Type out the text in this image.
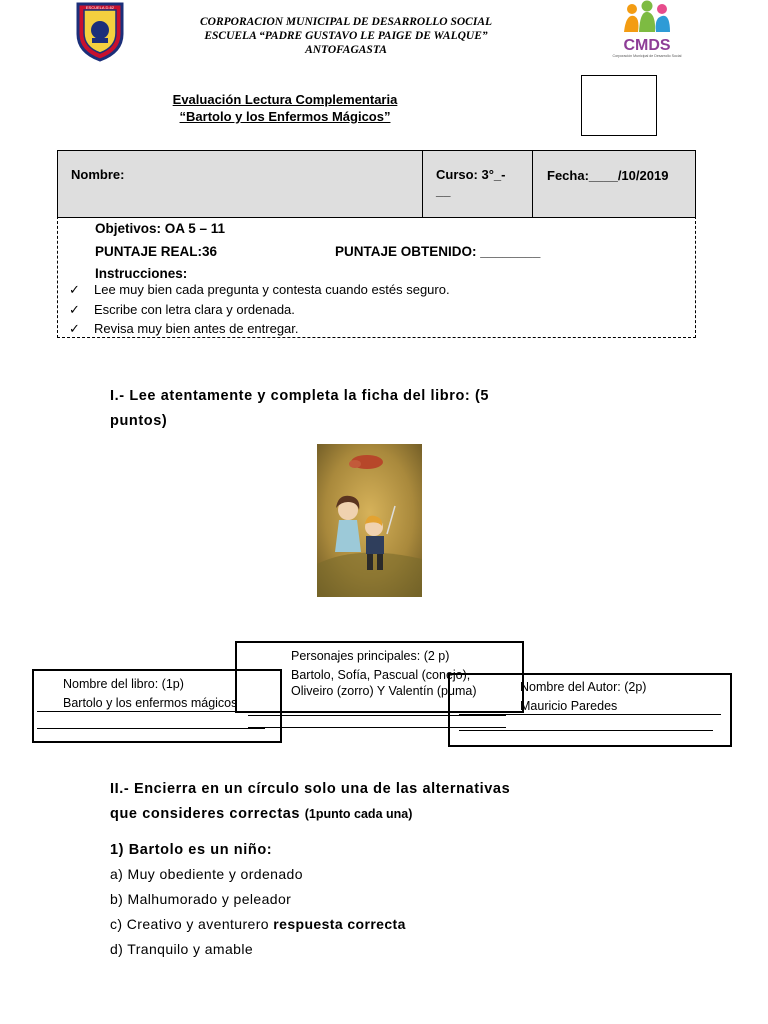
ESCUELA D-62
CORPORACION MUNICIPAL DE DESARROLLO SOCIAL
ESCUELA “PADRE GUSTAVO LE PAIGE DE WALQUE”
ANTOFAGASTA	CMDS
Corporación Municipal de Desarrollo Social
Evaluación Lectura Complementaria
“Bartolo y los Enfermos Mágicos”
Nombre:	Curso: 3°_-
__
Fecha:____/10/2019
Objetivos: OA 5 – 11
PUNTAJE REAL:36	PUNTAJE OBTENIDO: ________
Instrucciones:
✓ Lee muy bien cada pregunta y contesta cuando estés seguro.
✓ Escribe con letra clara y ordenada.
✓ Revisa muy bien antes de entregar.
I.- Lee atentamente y completa la ficha del libro: (5
puntos)
Nombre del libro: (1p)
Bartolo y los enfermos mágicos
Personajes principales: (2 p)
Bartolo, Sofía, Pascual (conejo),
Oliveiro (zorro) Y Valentín (puma)	Nombre del Autor: (2p)
Mauricio Paredes
II.- Encierra en un círculo solo una de las alternativas
que consideres correctas (1punto cada una)
1) Bartolo es un niño:
a) Muy obediente y ordenado
b) Malhumorado y peleador
c) Creativo y aventurero respuesta correcta
d) Tranquilo y amable
